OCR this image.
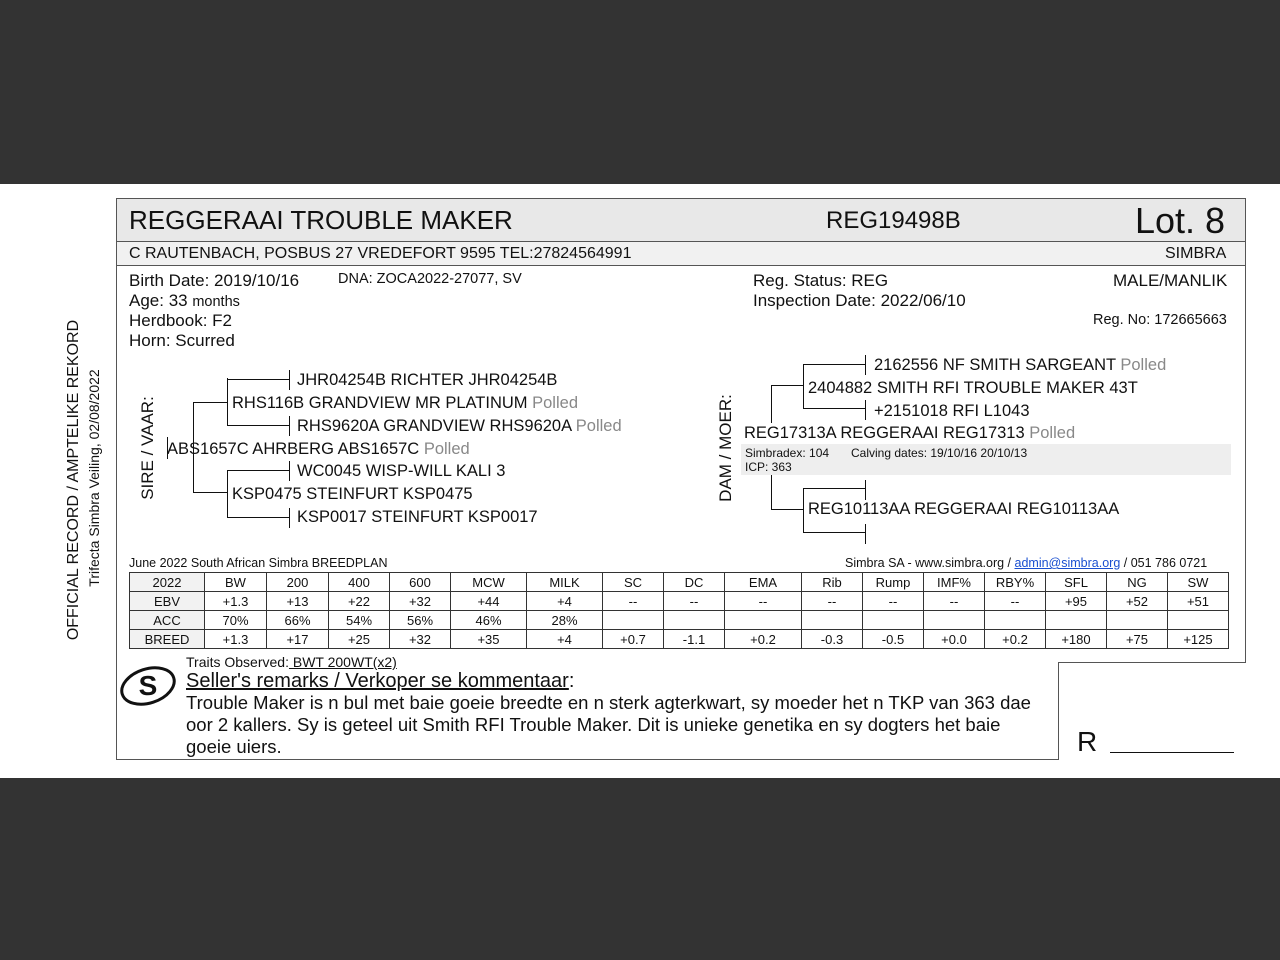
OFFICIAL RECORD / AMPTELIKE REKORD Trifecta Simbra Veiling, 02/08/2022
REGGERAAI TROUBLE MAKER	REG19498B	Lot. 8
C RAUTENBACH, POSBUS 27 VREDEFORT 9595 TEL:27824564991	SIMBRA
Birth Date: 2019/10/16	DNA: ZOCA2022-27077, SV
Age: 33 months
Herdbook: F2
Horn: Scurred
Reg. Status: REG
Inspection Date: 2022/06/10
MALE/MANLIK
Reg. No: 172665663
SIRE / VAAR:
JHR04254B RICHTER JHR04254B
RHS116B GRANDVIEW MR PLATINUM Polled
RHS9620A GRANDVIEW RHS9620A Polled
ABS1657C AHRBERG ABS1657C Polled
WC0045 WISP-WILL KALI 3
KSP0475 STEINFURT KSP0475
KSP0017 STEINFURT KSP0017
DAM / MOER:
2162556 NF SMITH SARGEANT Polled
2404882 SMITH RFI TROUBLE MAKER 43T
+2151018 RFI L1043
REG17313A REGGERAAI REG17313 Polled
Simbradex: 104 Calving dates: 19/10/16 20/10/13
ICP: 363
REG10113AA REGGERAAI REG10113AA
June 2022 South African Simbra BREEDPLAN	Simbra SA - www.simbra.org / admin@simbra.org / 051 786 0721
2022	BW	200	400	600	MCW	MILK	SC	DC	EMA	Rib	Rump	IMF%	RBY%	SFL	NG	SW
EBV	+1.3	+13	+22	+32	+44	+4	--	--	--	--	--	--	--	+95	+52	+51
ACC	70%	66%	54%	56%	46%	28%										
BREED	+1.3	+17	+25	+32	+35	+4	+0.7	-1.1	+0.2	-0.3	-0.5	+0.0	+0.2	+180	+75	+125
S
Traits Observed: BWT 200WT(x2)
Seller's remarks / Verkoper se kommentaar:
Trouble Maker is n bul met baie goeie breedte en n sterk agterkwart, sy moeder het n TKP van 363 dae oor 2 kallers. Sy is geteel uit Smith RFI Trouble Maker. Dit is unieke genetika en sy dogters het baie goeie uiers.	R
